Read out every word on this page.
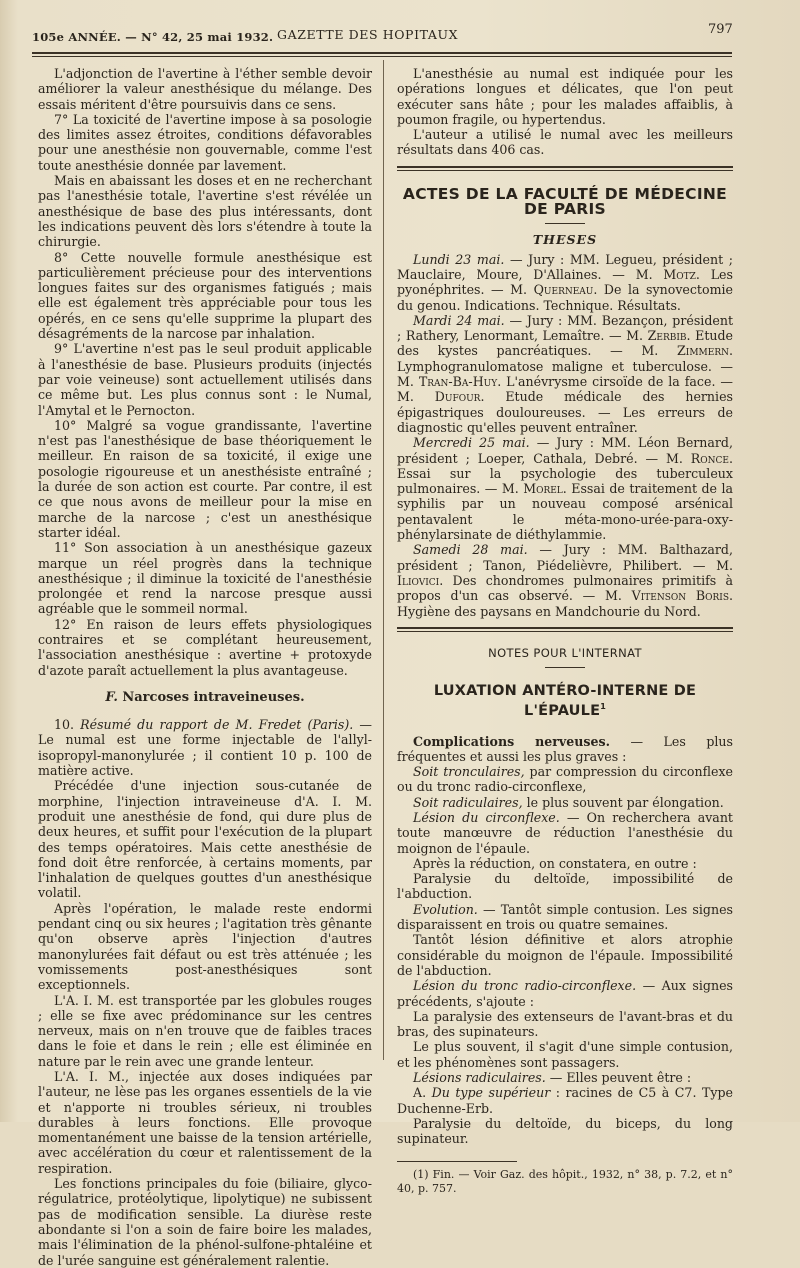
105e ANNÉE. — N° 42, 25 mai 1932. GAZETTE DES HOPITAUX	797

L'adjonction de l'avertine à l'éther semble devoir améliorer la valeur anesthésique du mélange. Des essais méritent d'être poursuivis dans ce sens.

7° La toxicité de l'avertine impose à sa posologie des limites assez étroites, conditions défavorables pour une anesthésie non gouvernable, comme l'est toute anesthésie donnée par lavement.

Mais en abaissant les doses et en ne recherchant pas l'anesthésie totale, l'avertine s'est révélée un anesthésique de base des plus intéressants, dont les indications peuvent dès lors s'étendre à toute la chirurgie.

8° Cette nouvelle formule anesthésique est particulièrement précieuse pour des interventions longues faites sur des organismes fatigués ; mais elle est également très appréciable pour tous les opérés, en ce sens qu'elle supprime la plupart des désagréments de la narcose par inhalation.

9° L'avertine n'est pas le seul produit applicable à l'anesthésie de base. Plusieurs produits (injectés par voie veineuse) sont actuellement utilisés dans ce même but. Les plus connus sont : le Numal, l'Amytal et le Pernocton.

10° Malgré sa vogue grandissante, l'avertine n'est pas l'anesthésique de base théoriquement le meilleur. En raison de sa toxicité, il exige une posologie rigoureuse et un anesthésiste entraîné ; la durée de son action est courte. Par contre, il est ce que nous avons de meilleur pour la mise en marche de la narcose ; c'est un anesthésique starter idéal.

11° Son association à un anesthésique gazeux marque un réel progrès dans la technique anesthésique ; il diminue la toxicité de l'anesthésie prolongée et rend la narcose presque aussi agréable que le sommeil normal.

12° En raison de leurs effets physiologiques contraires et se complétant heureusement, l'association anesthésique : avertine + protoxyde d'azote paraît actuellement la plus avantageuse.

F. Narcoses intraveineuses.

10. Résumé du rapport de M. Fredet (Paris). — Le numal est une forme injectable de l'allyl-isopropyl-manonylurée ; il contient 10 p. 100 de matière active.

Précédée d'une injection sous-cutanée de morphine, l'injection intraveineuse d'A. I. M. produit une anesthésie de fond, qui dure plus de deux heures, et suffit pour l'exécution de la plupart des temps opératoires. Mais cette anesthésie de fond doit être renforcée, à certains moments, par l'inhalation de quelques gouttes d'un anesthésique volatil.

Après l'opération, le malade reste endormi pendant cinq ou six heures ; l'agitation très gênante qu'on observe après l'injection d'autres manonylurées fait défaut ou est très atténuée ; les vomissements post-anesthésiques sont exceptionnels.

L'A. I. M. est transportée par les globules rouges ; elle se fixe avec prédominance sur les centres nerveux, mais on n'en trouve que de faibles traces dans le foie et dans le rein ; elle est éliminée en nature par le rein avec une grande lenteur.

L'A. I. M., injectée aux doses indiquées par l'auteur, ne lèse pas les organes essentiels de la vie et n'apporte ni troubles sérieux, ni troubles durables à leurs fonctions. Elle provoque momentanément une baisse de la tension artérielle, avec accélération du cœur et ralentissement de la respiration.

Les fonctions principales du foie (biliaire, glyco-régulatrice, protéolytique, lipolytique) ne subissent pas de modification sensible. La diurèse reste abondante si l'on a soin de faire boire les malades, mais l'élimination de la phénol-sulfone-phtaléine et de l'urée sanguine est généralement ralentie.

L'anesthésie au numal est indiquée pour les opérations longues et délicates, que l'on peut exécuter sans hâte ; pour les malades affaiblis, à poumon fragile, ou hypertendus.

L'auteur a utilisé le numal avec les meilleurs résultats dans 406 cas.

ACTES DE LA FACULTÉ DE MÉDECINE DE PARIS
THESES

Lundi 23 mai. — Jury : MM. Legueu, président ; Mauclaire, Moure, D'Allaines. — M. Motz. Les pyonéphrites. — M. Querneau. De la synovectomie du genou. Indications. Technique. Résultats.

Mardi 24 mai. — Jury : MM. Bezançon, président ; Rathery, Lenormant, Lemaître. — M. Zerbib. Etude des kystes pancréatiques. — M. Zimmern. Lymphogranulomatose maligne et tuberculose. — M. Tran-Ba-Huy. L'anévrysme cirsoïde de la face. — M. Dufour. Etude médicale des hernies épigastriques douloureuses. — Les erreurs de diagnostic qu'elles peuvent entraîner.

Mercredi 25 mai. — Jury : MM. Léon Bernard, président ; Loeper, Cathala, Debré. — M. Ronce. Essai sur la psychologie des tuberculeux pulmonaires. — M. Morel. Essai de traitement de la syphilis par un nouveau composé arsénical pentavalent le méta-mono-urée-para-oxy-phénylarsinate de diéthylammie.

Samedi 28 mai. — Jury : MM. Balthazard, président ; Tanon, Piédelièvre, Philibert. — M. Iliovici. Des chondromes pulmonaires primitifs à propos d'un cas observé. — M. Vitenson Boris. Hygiène des paysans en Mandchourie du Nord.

NOTES POUR L'INTERNAT
LUXATION ANTÉRO-INTERNE DE L'ÉPAULE$^1$

Complications nerveuses. — Les plus fréquentes et aussi les plus graves :

Soit tronculaires, par compression du circonflexe ou du tronc radio-circonflexe,

Soit radiculaires, le plus souvent par élongation.

Lésion du circonflexe. — On recherchera avant toute manœuvre de réduction l'anesthésie du moignon de l'épaule.

Après la réduction, on constatera, en outre :

Paralysie du deltoïde, impossibilité de l'abduction.

Evolution. — Tantôt simple contusion. Les signes disparaissent en trois ou quatre semaines.

Tantôt lésion définitive et alors atrophie considérable du moignon de l'épaule. Impossibilité de l'abduction.

Lésion du tronc radio-circonflexe. — Aux signes précédents, s'ajoute :

La paralysie des extenseurs de l'avant-bras et du bras, des supinateurs.

Le plus souvent, il s'agit d'une simple contusion, et les phénomènes sont passagers.

Lésions radiculaires. — Elles peuvent être :

A. Du type supérieur : racines de C5 à C7. Type Duchenne-Erb.

Paralysie du deltoïde, du biceps, du long supinateur.

(1) Fin. — Voir Gaz. des hôpit., 1932, n° 38, p. 7.2, et n° 40, p. 757.
